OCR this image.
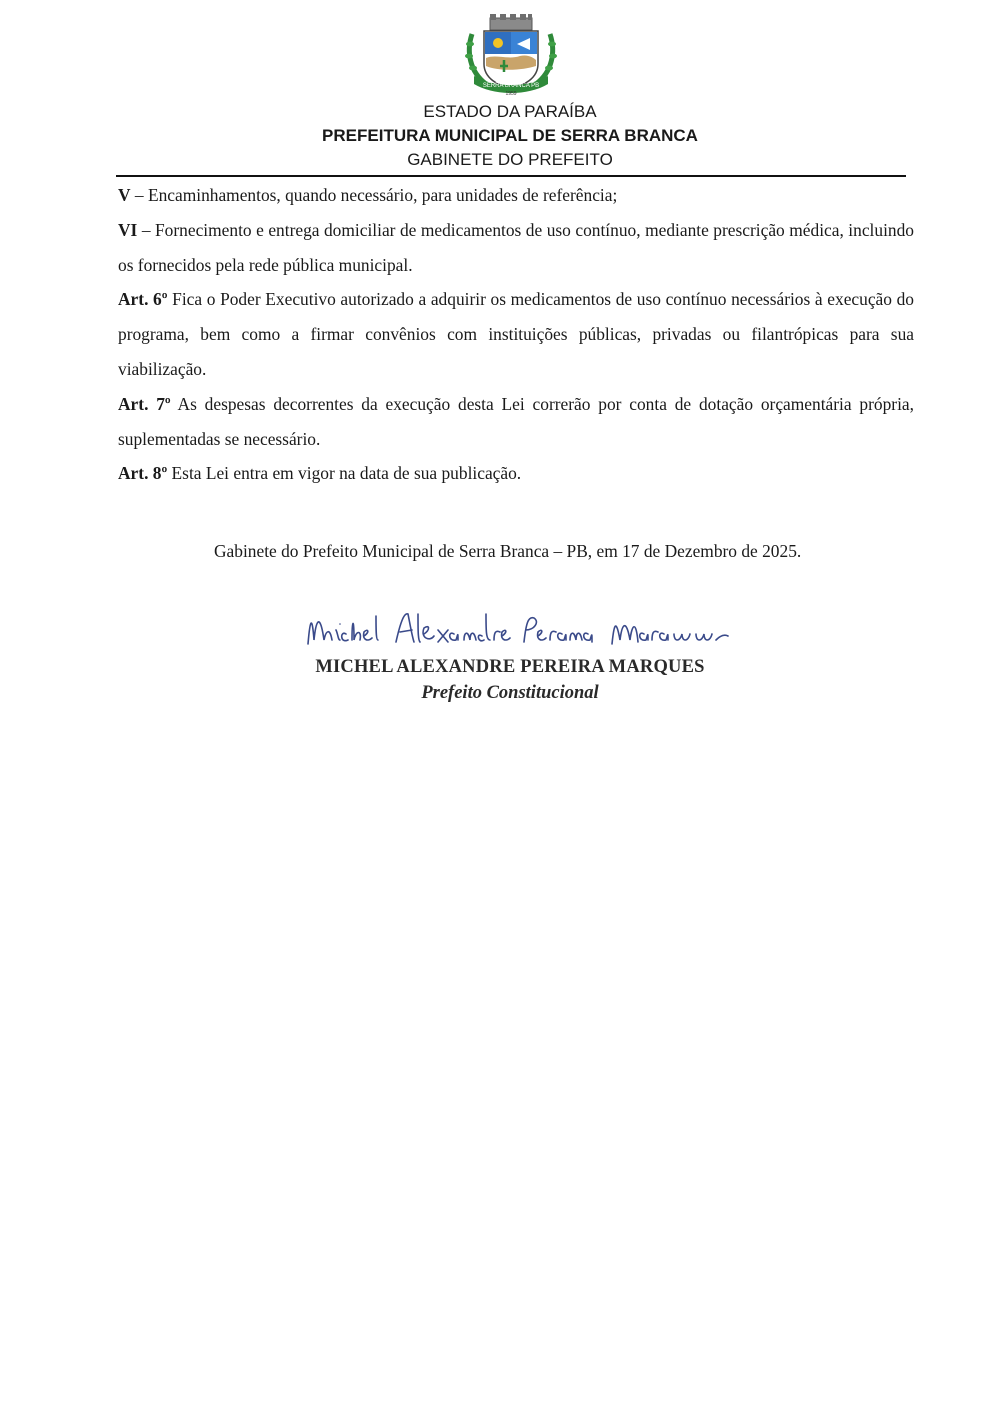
SERRA BRANCA PB
1959
ESTADO DA PARAÍBA
PREFEITURA MUNICIPAL DE SERRA BRANCA
GABINETE DO PREFEITO

V – Encaminhamentos, quando necessário, para unidades de referência;

VI – Fornecimento e entrega domiciliar de medicamentos de uso contínuo, mediante prescrição médica, incluindo os fornecidos pela rede pública municipal.

Art. 6º Fica o Poder Executivo autorizado a adquirir os medicamentos de uso contínuo necessários à execução do programa, bem como a firmar convênios com instituições públicas, privadas ou filantrópicas para sua viabilização.

Art. 7º As despesas decorrentes da execução desta Lei correrão por conta de dotação orçamentária própria, suplementadas se necessário.

Art. 8º Esta Lei entra em vigor na data de sua publicação.

Gabinete do Prefeito Municipal de Serra Branca – PB, em 17 de Dezembro de 2025.
MICHEL ALEXANDRE PEREIRA MARQUES
Prefeito Constitucional
